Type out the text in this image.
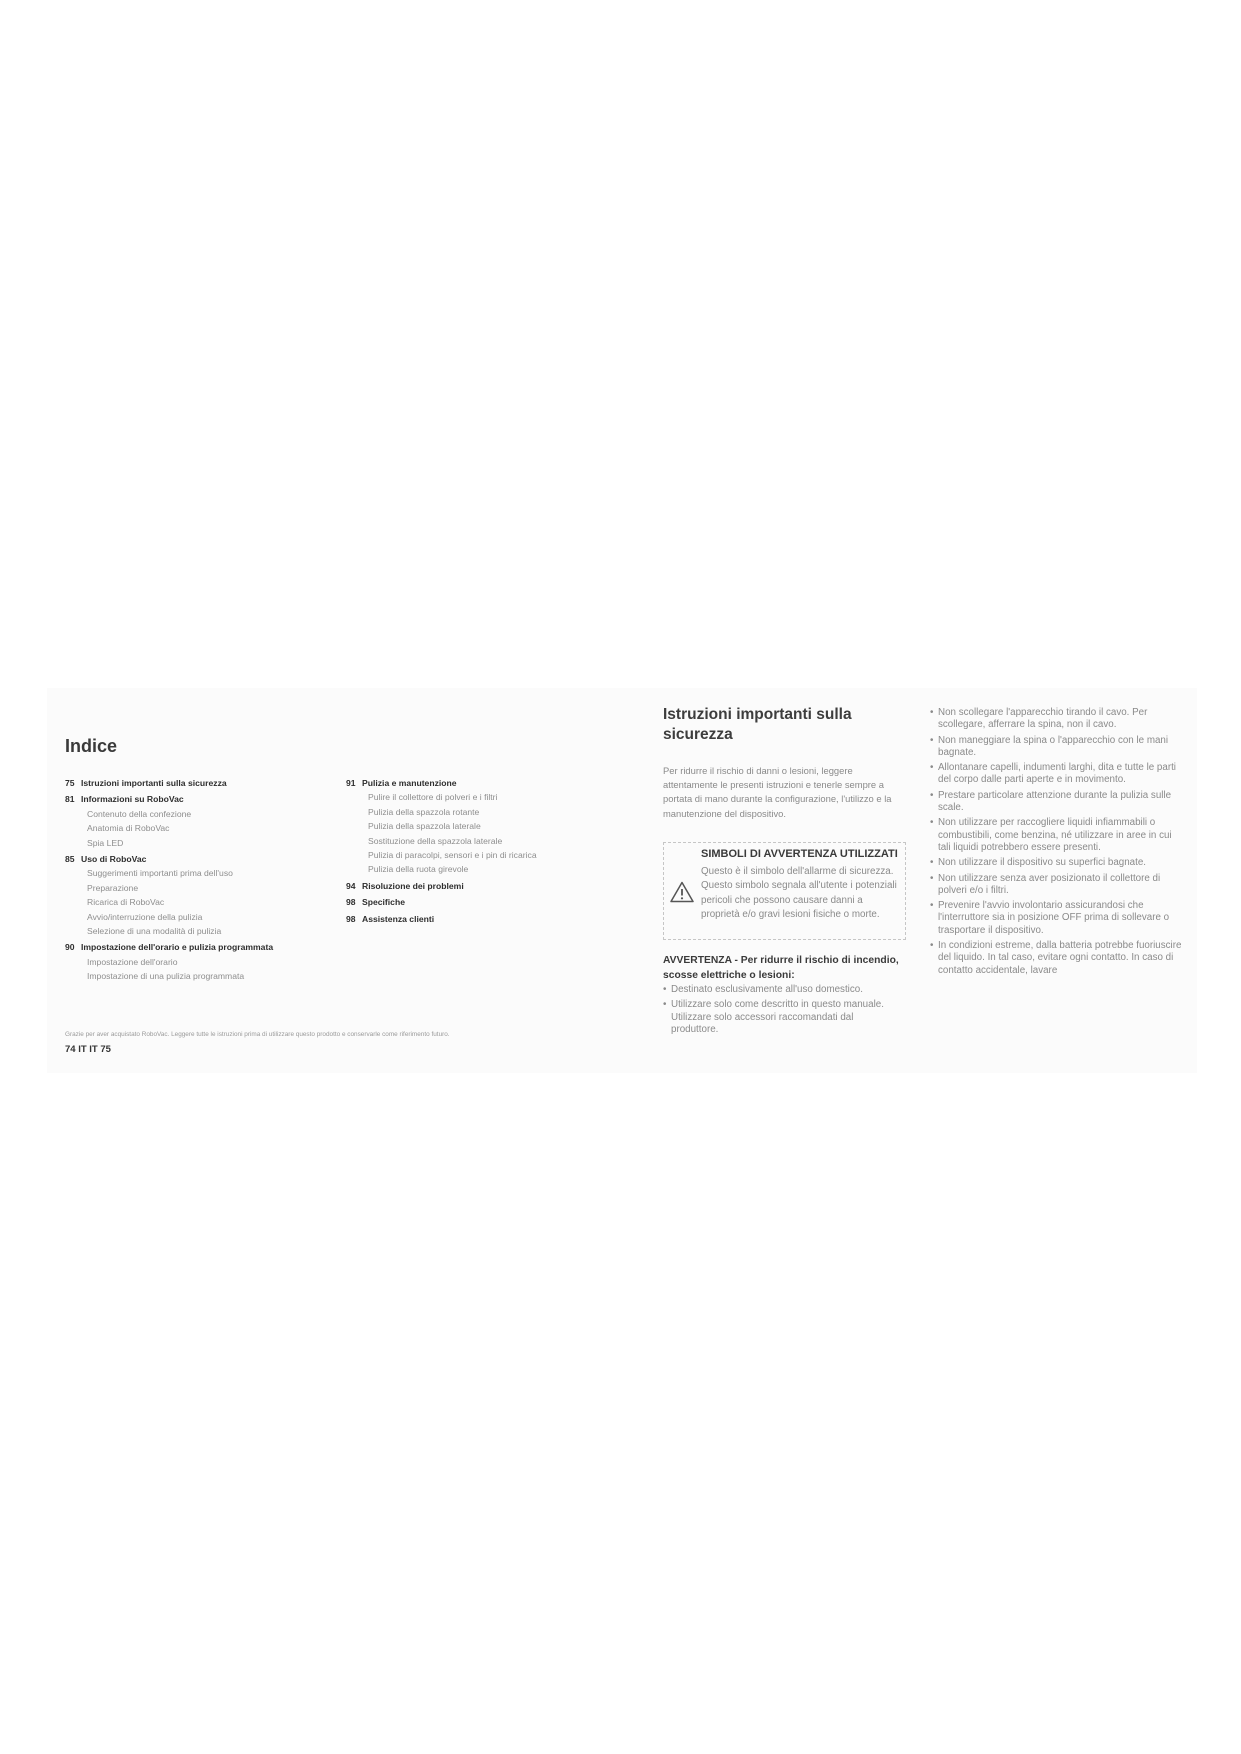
Indice
75 Istruzioni importanti sulla sicurezza
81 Informazioni su RoboVac
Contenuto della confezione
Anatomia di RoboVac
Spia LED
85 Uso di RoboVac
Suggerimenti importanti prima dell'uso
Preparazione
Ricarica di RoboVac
Avvio/interruzione della pulizia
Selezione di una modalità di pulizia
90 Impostazione dell'orario e pulizia programmata
Impostazione dell'orario
Impostazione di una pulizia programmata
91 Pulizia e manutenzione
Pulire il collettore di polveri e i filtri
Pulizia della spazzola rotante
Pulizia della spazzola laterale
Sostituzione della spazzola laterale
Pulizia di paracolpi, sensori e i pin di ricarica
Pulizia della ruota girevole
94 Risoluzione dei problemi
98 Specifiche
98 Assistenza clienti
Grazie per aver acquistato RoboVac. Leggere tutte le istruzioni prima di utilizzare questo prodotto e conservarle come riferimento futuro.
74 IT IT 75
Istruzioni importanti sulla sicurezza

Per ridurre il rischio di danni o lesioni, leggere attentamente le presenti istruzioni e tenerle sempre a portata di mano durante la configurazione, l'utilizzo e la manutenzione del dispositivo.

SIMBOLI DI AVVERTENZA UTILIZZATI

Questo è il simbolo dell'allarme di sicurezza. Questo simbolo segnala all'utente i potenziali pericoli che possono causare danni a proprietà e/o gravi lesioni fisiche o morte.

AVVERTENZA - Per ridurre il rischio di incendio, scosse elettriche o lesioni:

• Destinato esclusivamente all'uso domestico.
• Utilizzare solo come descritto in questo manuale. Utilizzare solo accessori raccomandati dal produttore.
• Non scollegare l'apparecchio tirando il cavo. Per scollegare, afferrare la spina, non il cavo.
• Non maneggiare la spina o l'apparecchio con le mani bagnate.
• Allontanare capelli, indumenti larghi, dita e tutte le parti del corpo dalle parti aperte e in movimento.
• Prestare particolare attenzione durante la pulizia sulle scale.
• Non utilizzare per raccogliere liquidi infiammabili o combustibili, come benzina, né utilizzare in aree in cui tali liquidi potrebbero essere presenti.
• Non utilizzare il dispositivo su superfici bagnate.
• Non utilizzare senza aver posizionato il collettore di polveri e/o i filtri.
• Prevenire l'avvio involontario assicurandosi che l'interruttore sia in posizione OFF prima di sollevare o trasportare il dispositivo.
• In condizioni estreme, dalla batteria potrebbe fuoriuscire del liquido. In tal caso, evitare ogni contatto. In caso di contatto accidentale, lavare
